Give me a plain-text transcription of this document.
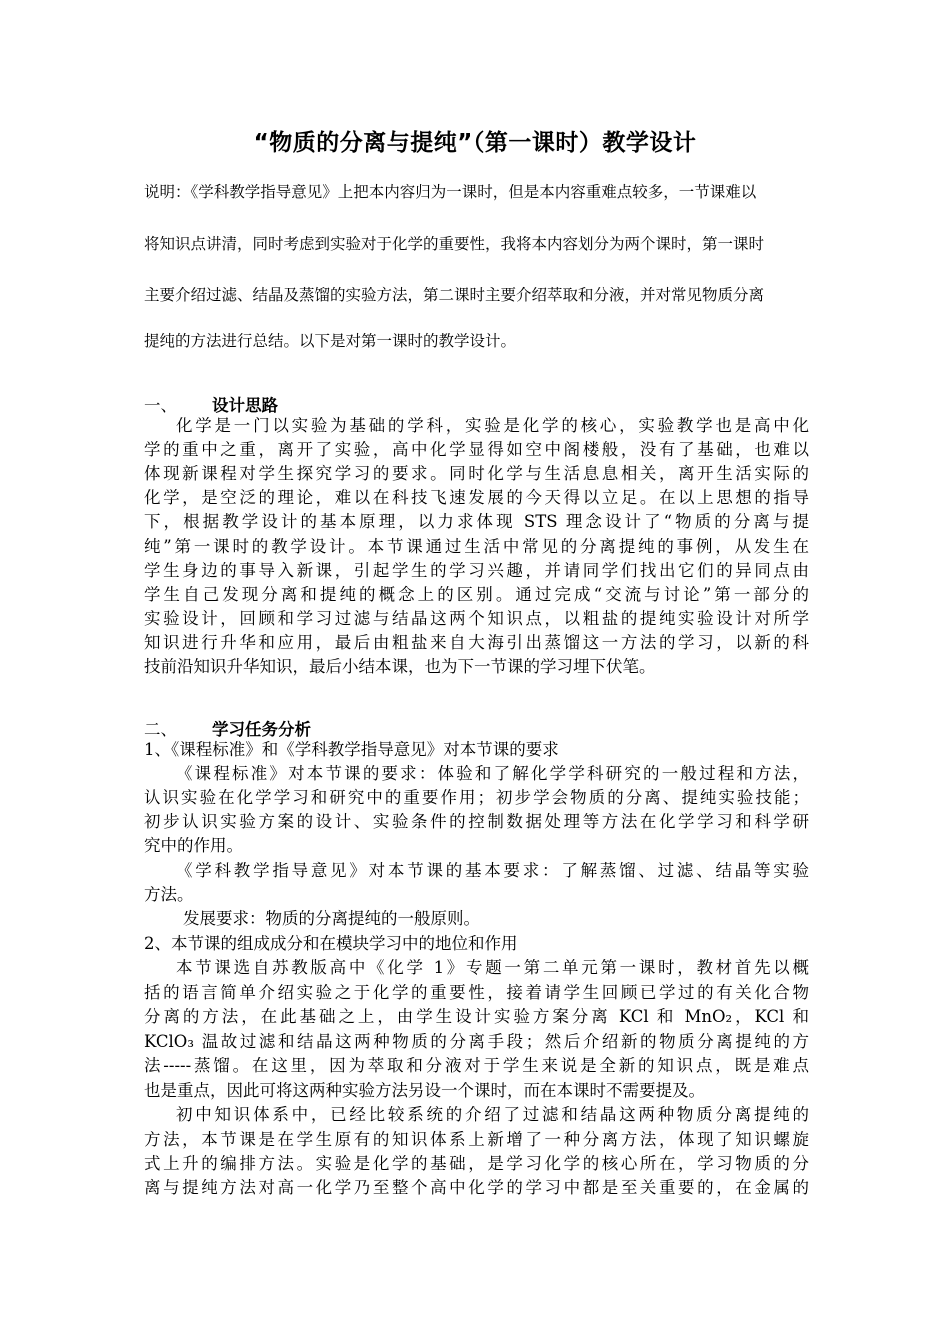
“物质的分离与提纯”（第一课时）教学设计
说明：《学科教学指导意见》上把本内容归为一课时，但是本内容重难点较多，一节课难以
将知识点讲清，同时考虑到实验对于化学的重要性，我将本内容划分为两个课时，第一课时
主要介绍过滤、结晶及蒸馏的实验方法，第二课时主要介绍萃取和分液，并对常见物质分离
提纯的方法进行总结。以下是对第一课时的教学设计。
一、 设计思路
化学是一门以实验为基础的学科，实验是化学的核心，实验教学也是高中化
学的重中之重，离开了实验，高中化学显得如空中阁楼般，没有了基础，也难以
体现新课程对学生探究学习的要求。同时化学与生活息息相关，离开生活实际的
化学，是空泛的理论，难以在科技飞速发展的今天得以立足。在以上思想的指导
下，根据教学设计的基本原理，以力求体现 STS 理念设计了“物质的分离与提
纯”第一课时的教学设计。本节课通过生活中常见的分离提纯的事例，从发生在
学生身边的事导入新课，引起学生的学习兴趣，并请同学们找出它们的异同点由
学生自己发现分离和提纯的概念上的区别。通过完成“交流与讨论”第一部分的
实验设计，回顾和学习过滤与结晶这两个知识点，以粗盐的提纯实验设计对所学
知识进行升华和应用，最后由粗盐来自大海引出蒸馏这一方法的学习，以新的科
技前沿知识升华知识，最后小结本课，也为下一节课的学习埋下伏笔。
二、 学习任务分析
1、《课程标准》和《学科教学指导意见》对本节课的要求
《课程标准》对本节课的要求：体验和了解化学学科研究的一般过程和方法，
认识实验在化学学习和研究中的重要作用；初步学会物质的分离、提纯实验技能；
初步认识实验方案的设计、实验条件的控制数据处理等方法在化学学习和科学研
究中的作用。
《学科教学指导意见》对本节课的基本要求：了解蒸馏、过滤、结晶等实验
方法。
发展要求：物质的分离提纯的一般原则。
2、本节课的组成成分和在模块学习中的地位和作用
本节课选自苏教版高中《化学 1》专题一第二单元第一课时，教材首先以概
括的语言简单介绍实验之于化学的重要性，接着请学生回顾已学过的有关化合物
分离的方法，在此基础之上，由学生设计实验方案分离 KCl 和 MnO₂，KCl 和
KClO₃ 温故过滤和结晶这两种物质的分离手段；然后介绍新的物质分离提纯的方
法-----蒸馏。在这里，因为萃取和分液对于学生来说是全新的知识点，既是难点
也是重点，因此可将这两种实验方法另设一个课时，而在本课时不需要提及。
初中知识体系中，已经比较系统的介绍了过滤和结晶这两种物质分离提纯的
方法，本节课是在学生原有的知识体系上新增了一种分离方法，体现了知识螺旋
式上升的编排方法。实验是化学的基础，是学习化学的核心所在，学习物质的分
离与提纯方法对高一化学乃至整个高中化学的学习中都是至关重要的，在金属的
